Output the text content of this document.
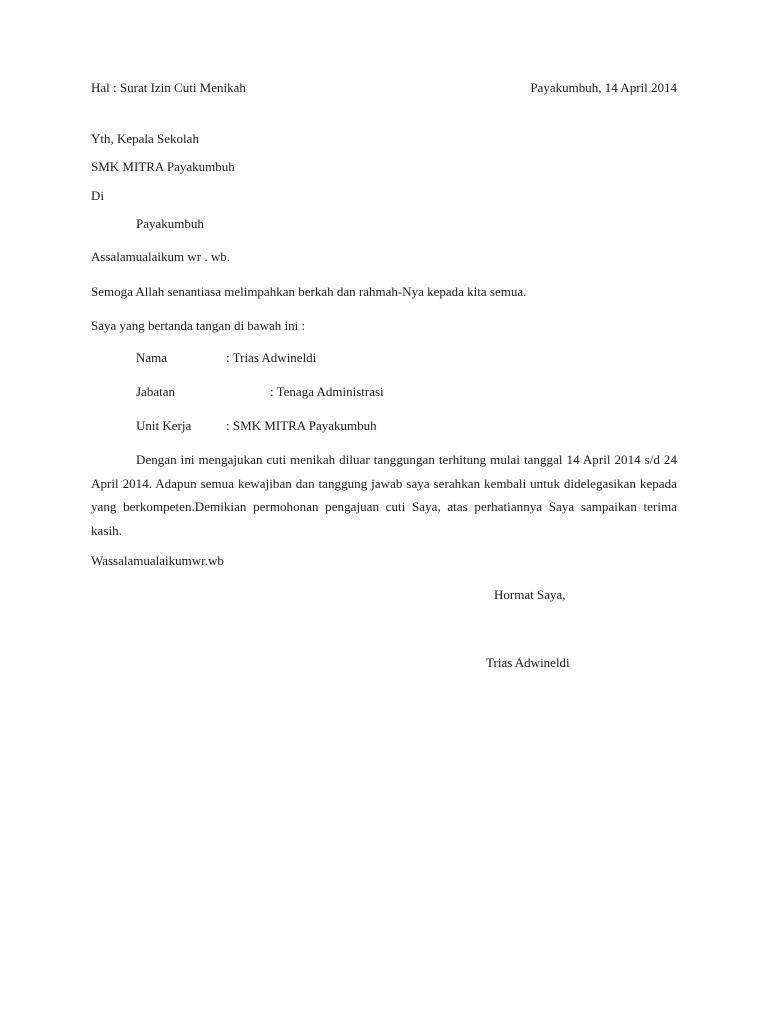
Hal : Surat Izin Cuti Menikah	Payakumbuh, 14 April 2014
Yth, Kepala Sekolah
SMK MITRA Payakumbuh
Di
Payakumbuh
Assalamualaikum wr . wb.
Semoga Allah senantiasa melimpahkan berkah dan rahmah-Nya kepada kita semua.
Saya yang bertanda tangan di bawah ini :
Nama	: Trias Adwineldi
Jabatan	: Tenaga Administrasi
Unit Kerja	: SMK MITRA Payakumbuh
Dengan ini mengajukan cuti menikah diluar tanggungan terhitung mulai tanggal 14 April 2014 s/d 24 April 2014. Adapun semua kewajiban dan tanggung jawab saya serahkan kembali untuk didelegasikan kepada yang berkompeten.Demikian permohonan pengajuan cuti Saya, atas perhatiannya Saya sampaikan terima kasih.
Wassalamualaikumwr.wb
Hormat Saya,
Trias Adwineldi
